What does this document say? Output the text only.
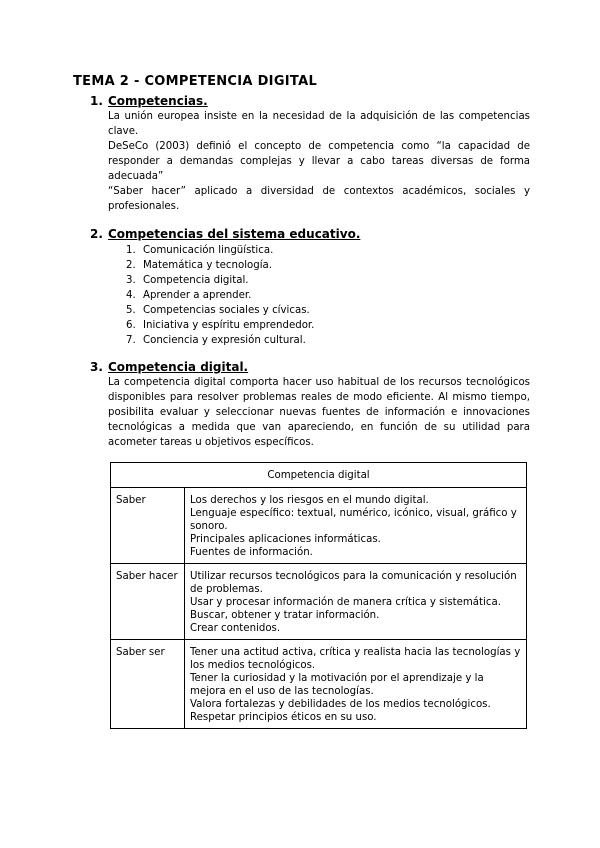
TEMA 2 - COMPETENCIA DIGITAL
1. Competencias.

La unión europea insiste en la necesidad de la adquisición de las competencias clave.

DeSeCo (2003) definió el concepto de competencia como “la capacidad de responder a demandas complejas y llevar a cabo tareas diversas de forma adecuada”

“Saber hacer” aplicado a diversidad de contextos académicos, sociales y profesionales.

2. Competencias del sistema educativo.
1. Comunicación lingüística.
2. Matemática y tecnología.
3. Competencia digital.
4. Aprender a aprender.
5. Competencias sociales y cívicas.
6. Iniciativa y espíritu emprendedor.
7. Conciencia y expresión cultural.
3. Competencia digital.

La competencia digital comporta hacer uso habitual de los recursos tecnológicos disponibles para resolver problemas reales de modo eficiente. Al mismo tiempo, posibilita evaluar y seleccionar nuevas fuentes de información e innovaciones tecnológicas a medida que van apareciendo, en función de su utilidad para acometer tareas u objetivos específicos.

Competencia digital	
Saber	Los derechos y los riesgos en el mundo digital.
Lenguaje específico: textual, numérico, icónico, visual, gráfico y sonoro.
Principales aplicaciones informáticas.
Fuentes de información.

Saber hacer	Utilizar recursos tecnológicos para la comunicación y resolución de problemas.
Usar y procesar información de manera crítica y sistemática.
Buscar, obtener y tratar información.
Crear contenidos.

Saber ser	Tener una actitud activa, crítica y realista hacia las tecnologías y los medios tecnológicos.
Tener la curiosidad y la motivación por el aprendizaje y la mejora en el uso de las tecnologías.
Valora fortalezas y debilidades de los medios tecnológicos.
Respetar principios éticos en su uso.
